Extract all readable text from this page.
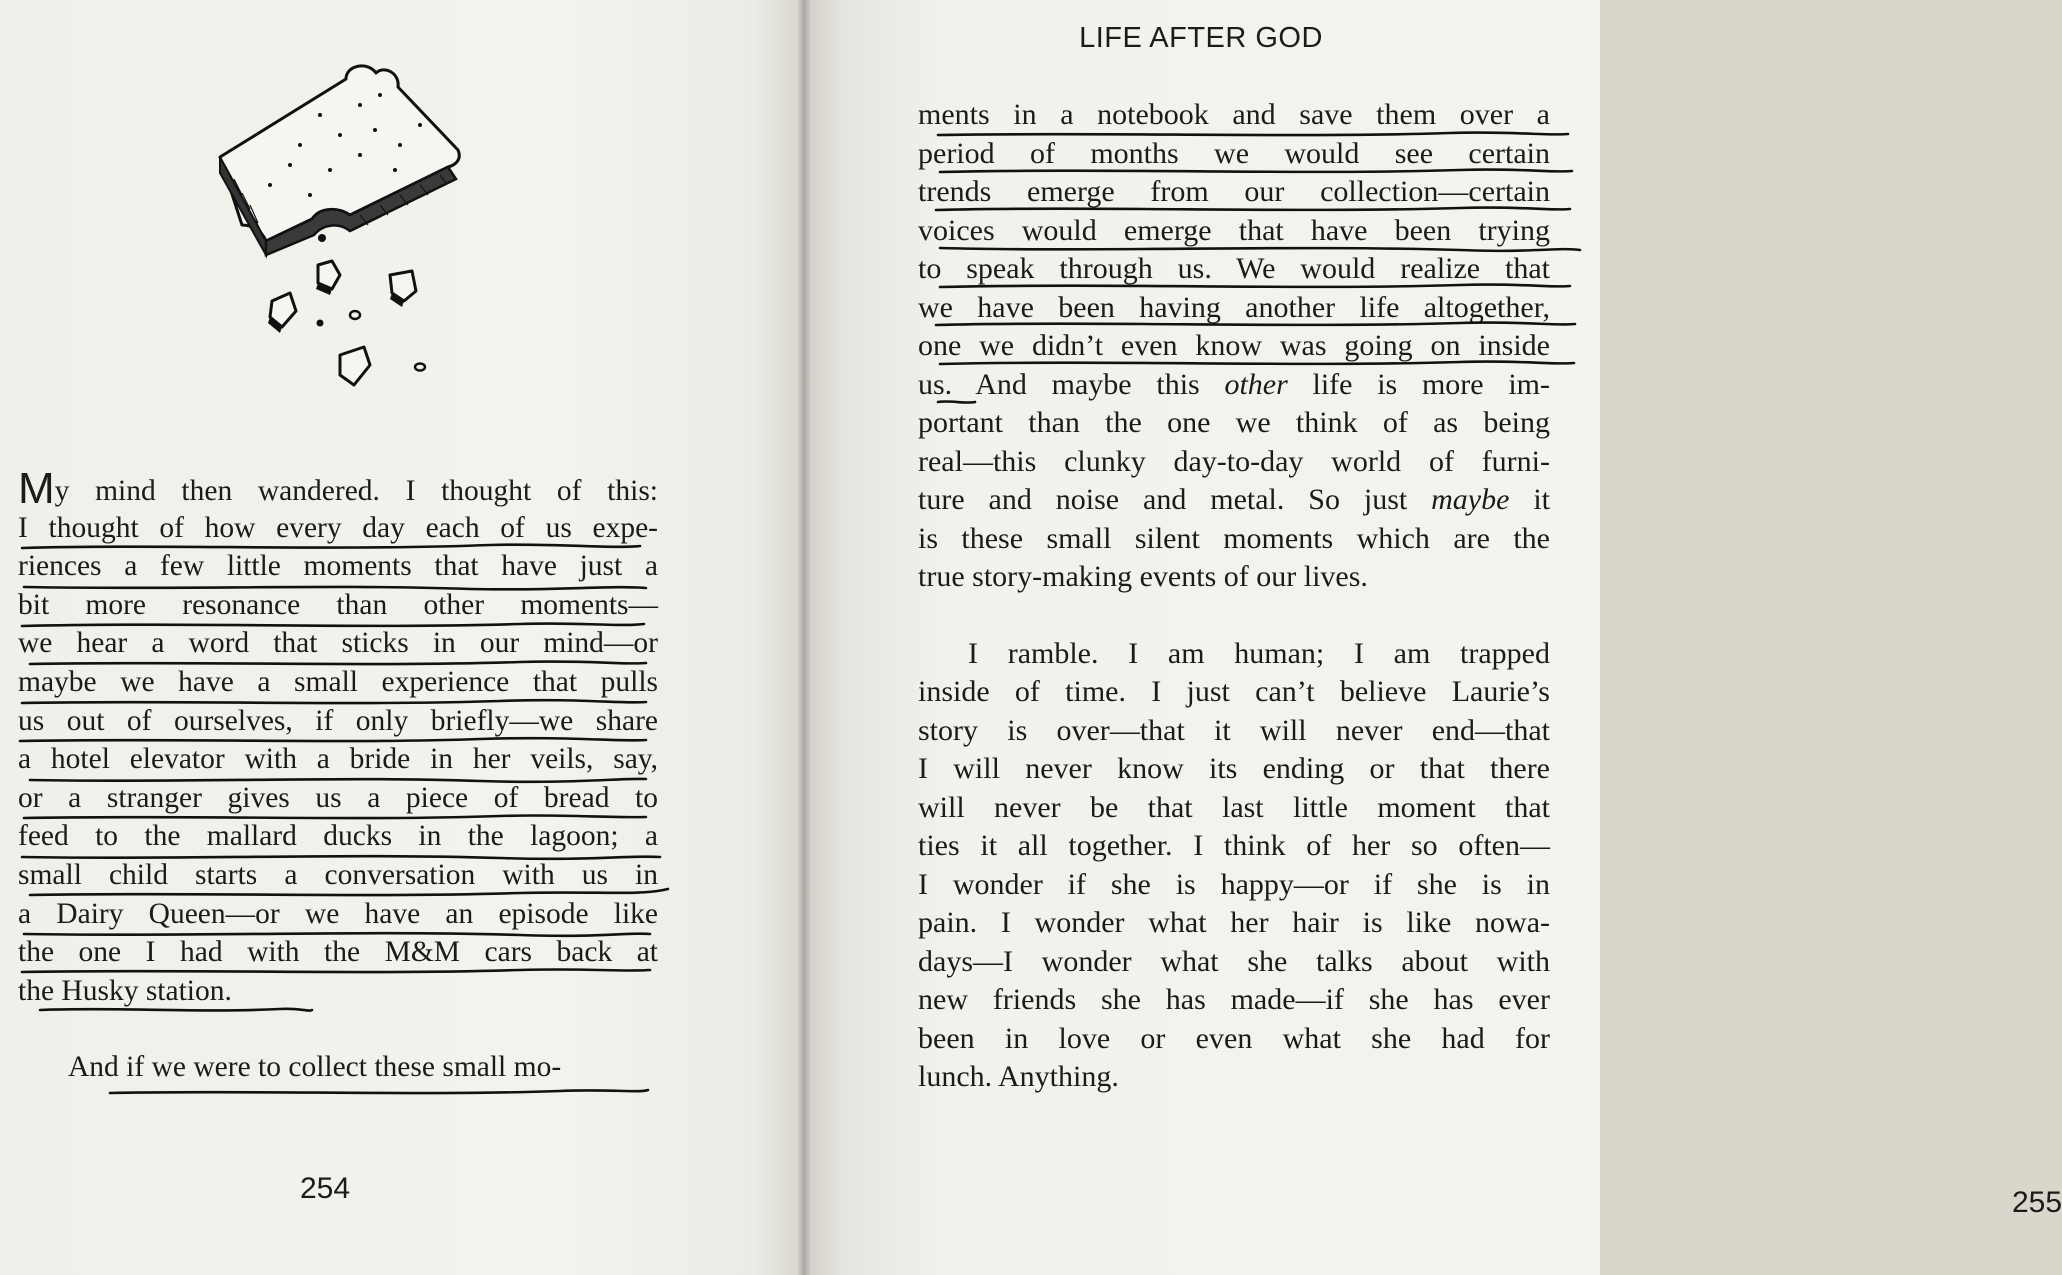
My mind then wandered. I thought of this:
I thought of how every day each of us expe-
riences a few little moments that have just a
bit more resonance than other moments—
we hear a word that sticks in our mind—or
maybe we have a small experience that pulls
us out of ourselves, if only briefly—we share
a hotel elevator with a bride in her veils, say,
or a stranger gives us a piece of bread to
feed to the mallard ducks in the lagoon; a
small child starts a conversation with us in
a Dairy Queen—or we have an episode like
the one I had with the M&M cars back at
the Husky station.
And if we were to collect these small mo-
254
LIFE AFTER GOD
255
ments in a notebook and save them over a
period of months we would see certain
trends emerge from our collection—certain
voices would emerge that have been trying
to speak through us. We would realize that
we have been having another life altogether,
one we didn’t even know was going on inside
us. And maybe this other life is more im-
portant than the one we think of as being
real—this clunky day-to-day world of furni-
ture and noise and metal. So just maybe it
is these small silent moments which are the
true story-making events of our lives.
I ramble. I am human; I am trapped
inside of time. I just can’t believe Laurie’s
story is over—that it will never end—that
I will never know its ending or that there
will never be that last little moment that
ties it all together. I think of her so often—
I wonder if she is happy—or if she is in
pain. I wonder what her hair is like nowa-
days—I wonder what she talks about with
new friends she has made—if she has ever
been in love or even what she had for
lunch. Anything.
